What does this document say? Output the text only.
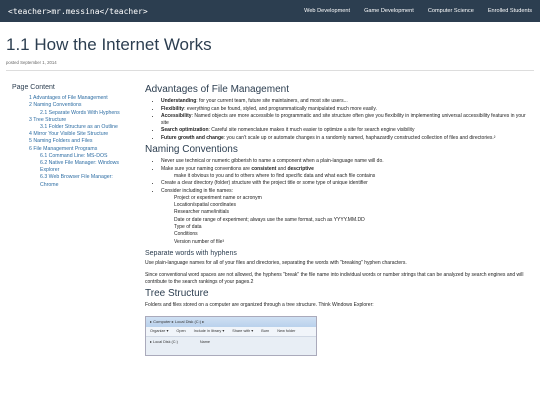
<teacher>mr.messina</teacher>	Web Development	Game Development	Computer Science	Enrolled Students
1.1 How the Internet Works
posted September 1, 2014
Page Content
1 Advantages of File Management
2 Naming Conventions
2.1 Separate Words With Hyphens
3 Tree Structure
3.1 Folder Structure as an Outline
4 Mirror Your Visible Site Structure
5 Naming Folders and Files
6 File Management Programs
6.1 Command Line: MS-DOS
6.2 Native File Manager: Windows Explorer
6.3 Web Browser File Manager: Chrome
Advantages of File Management
• Understanding: for your current team, future site maintainers, and most site users...
• Flexibility: everything can be found, styled, and programmatically manipulated much more easily.
• Accessibility: Named objects are more accessible to programmatic and site structure often give you flexibility in implementing universal accessibility features in your site
• Search optimization: Careful site nomenclature makes it much easier to optimize a site for search engine visibility
• Future growth and change: you can't scale up or automate changes in a randomly named, haphazardly constructed collection of files and directories.²
Naming Conventions
• Never use technical or numeric gibberish to name a component when a plain-language name will do.
• Make sure your naming conventions are consistent and descriptive
make it obvious to you and to others where to find specific data and what each file contains
• Create a clear directory (folder) structure with the project title or some type of unique identifier
• Consider including in file names:
Project or experiment name or acronym
Location/spatial coordinates
Researcher name/initials
Date or date range of experiment; always use the same format, such as YYYY.MM.DD
Type of data
Conditions
Version number of file³
Separate words with hyphens

Use plain-language names for all of your files and directories, separating the words with "breaking" hyphen characters.

Since conventional word spaces are not allowed, the hyphens "break" the file name into individual words or number strings that can be analyzed by search engines and will contribute to the search rankings of your pages.2

Tree Structure

Folders and files stored on a computer are organized through a tree structure. Think Windows Explorer:

▸ Computer ▸ Local Disk (C:) ▸
Organize ▾ Open Include in library ▾ Share with ▾ Burn New folder
▸ Local Disk (C:)	Name
